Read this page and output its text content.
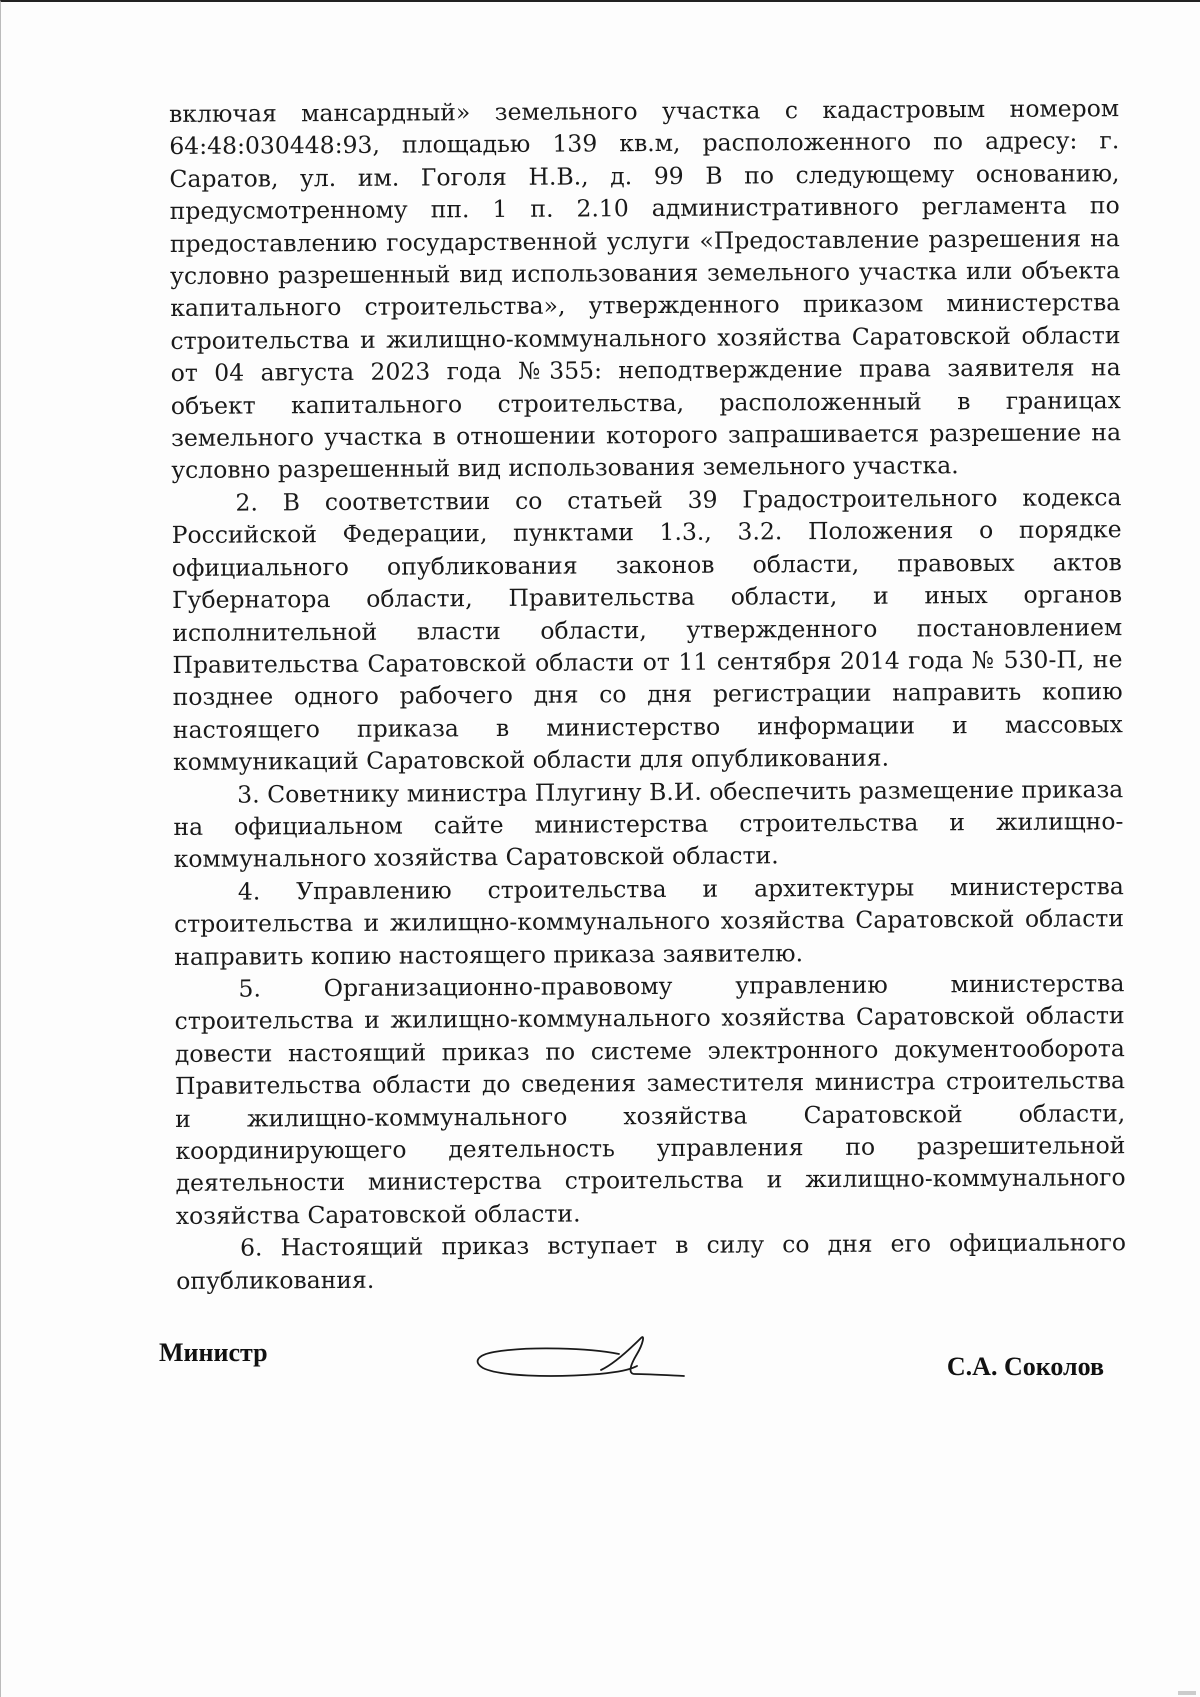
включая мансардный» земельного участка с кадастровым номером 64:48:030448:93, площадью 139 кв.м, расположенного по адресу: г. Саратов, ул. им. Гоголя Н.В., д. 99 В по следующему основанию, предусмотренному пп. 1 п. 2.10 административного регламента по предоставлению государственной услуги «Предоставление разрешения на условно разрешенный вид использования земельного участка или объекта капитального строительства», утвержденного приказом министерства строительства и жилищно-коммунального хозяйства Саратовской области от 04 августа 2023 года №355: неподтверждение права заявителя на объект капитального строительства, расположенный в границах земельного участка в отношении которого запрашивается разрешение на условно разрешенный вид использования земельного участка.

2. В соответствии со статьей 39 Градостроительного кодекса Российской Федерации, пунктами 1.3., 3.2. Положения о порядке официального опубликования законов области, правовых актов Губернатора области, Правительства области, и иных органов исполнительной власти области, утвержденного постановлением Правительства Саратовской области от 11 сентября 2014 года № 530-П, не позднее одного рабочего дня со дня регистрации направить копию настоящего приказа в министерство информации и массовых коммуникаций Саратовской области для опубликования.

3. Советнику министра Плугину В.И. обеспечить размещение приказа на официальном сайте министерства строительства и жилищно-коммунального хозяйства Саратовской области.

4. Управлению строительства и архитектуры министерства строительства и жилищно-коммунального хозяйства Саратовской области направить копию настоящего приказа заявителю.

5. Организационно-правовому управлению министерства строительства и жилищно-коммунального хозяйства Саратовской области довести настоящий приказ по системе электронного документооборота Правительства области до сведения заместителя министра строительства и жилищно-коммунального хозяйства Саратовской области, координирующего деятельность управления по разрешительной деятельности министерства строительства и жилищно-коммунального хозяйства Саратовской области.

6. Настоящий приказ вступает в силу со дня его официального опубликования.

Министр	С.А. Соколов
